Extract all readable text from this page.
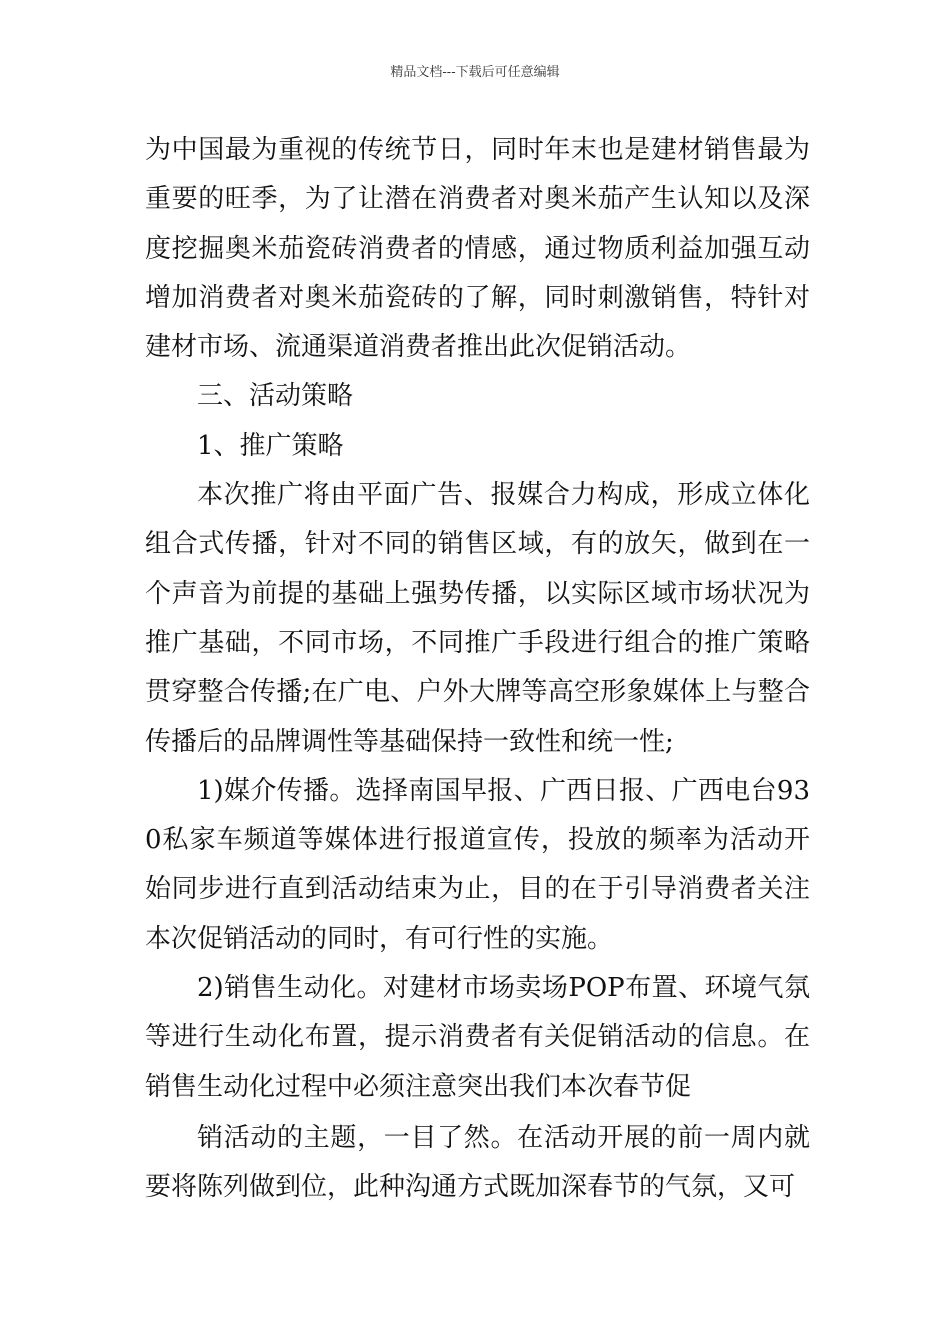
精品文档---下载后可任意编辑

为中国最为重视的传统节日，同时年末也是建材销售最为重要的旺季，为了让潜在消费者对奥米茄产生认知以及深度挖掘奥米茄瓷砖消费者的情感，通过物质利益加强互动增加消费者对奥米茄瓷砖的了解，同时刺激销售，特针对建材市场、流通渠道消费者推出此次促销活动。

三、活动策略

1、推广策略

本次推广将由平面广告、报媒合力构成，形成立体化组合式传播，针对不同的销售区域，有的放矢，做到在一个声音为前提的基础上强势传播，以实际区域市场状况为推广基础，不同市场，不同推广手段进行组合的推广策略贯穿整合传播;在广电、户外大牌等高空形象媒体上与整合传播后的品牌调性等基础保持一致性和统一性;

1)媒介传播。选择南国早报、广西日报、广西电台930私家车频道等媒体进行报道宣传，投放的频率为活动开始同步进行直到活动结束为止，目的在于引导消费者关注本次促销活动的同时，有可行性的实施。

2)销售生动化。对建材市场卖场POP布置、环境气氛等进行生动化布置，提示消费者有关促销活动的信息。在销售生动化过程中必须注意突出我们本次春节促

销活动的主题，一目了然。在活动开展的前一周内就要将陈列做到位，此种沟通方式既加深春节的气氛，又可
